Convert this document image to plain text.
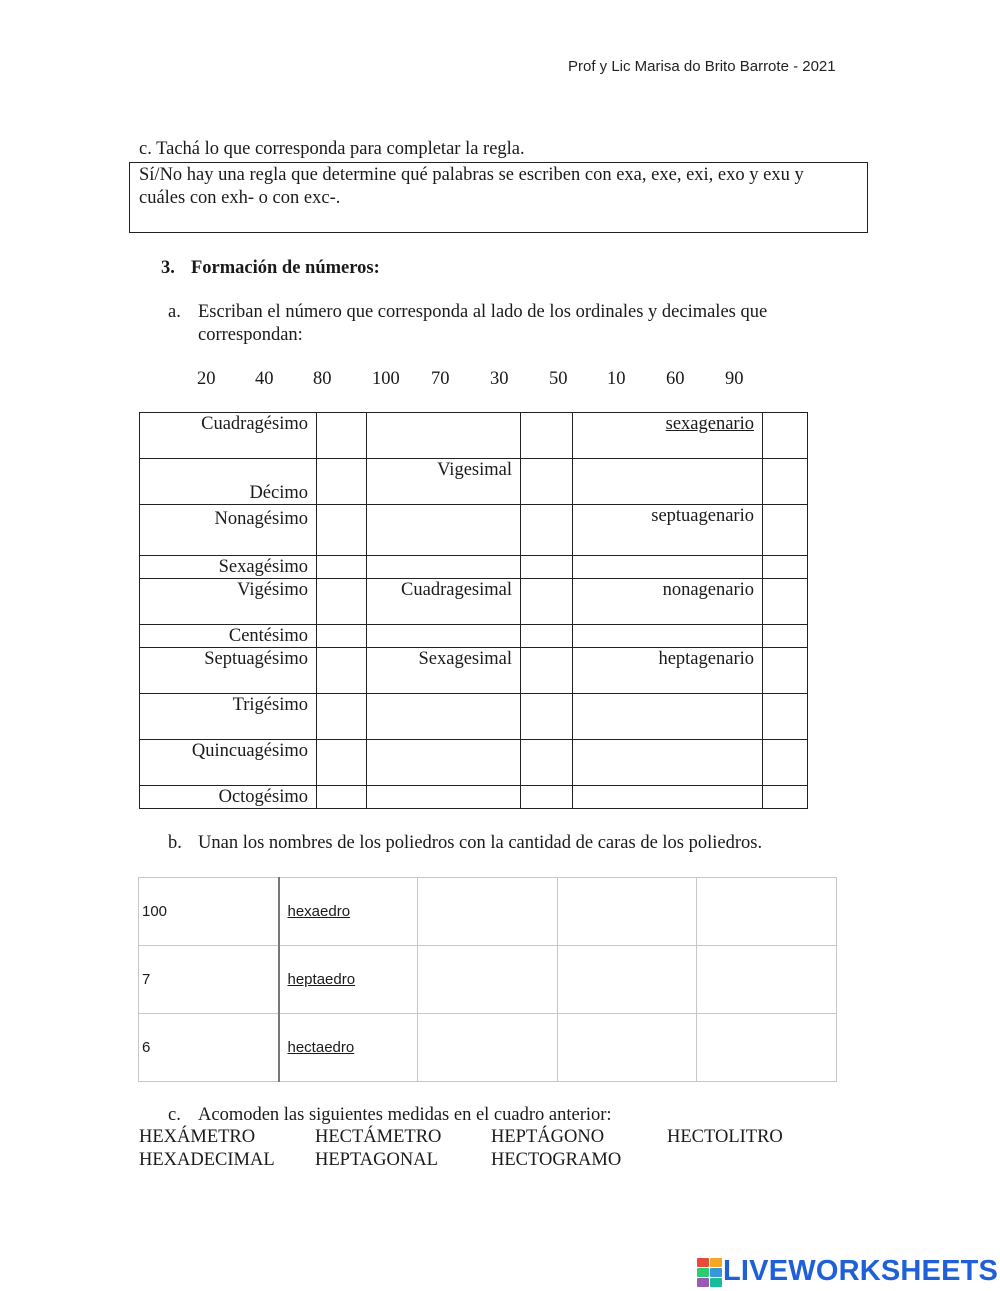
Prof y Lic Marisa do Brito Barrote - 2021
c. Tachá lo que corresponda para completar la regla.
Sí/No hay una regla que determine qué palabras se escriben con exa, exe, exi, exo y exu y
cuáles con exh- o con exc-.
3. Formación de números:
a. Escriban el número que corresponda al lado de los ordinales y decimales que
correspondan:
20	40	80	100	70	30	50	10	60	90
Cuadragésimo				sexagenario	
Décimo		Vigesimal			
Nonagésimo				septuagenario	
Sexagésimo					
Vigésimo		Cuadragesimal		nonagenario	
Centésimo					
Septuagésimo		Sexagesimal		heptagenario	
Trigésimo					
Quincuagésimo					
Octogésimo					
b. Unan los nombres de los poliedros con la cantidad de caras de los poliedros.
100	hexaedro			
7	heptaedro			
6	hectaedro			
c. Acomoden las siguientes medidas en el cuadro anterior:
HEXÁMETRO	HECTÁMETRO	HEPTÁGONO	HECTOLITRO
HEXADECIMAL HEPTAGONAL	HECTOGRAMO
LIVEWORKSHEETS
